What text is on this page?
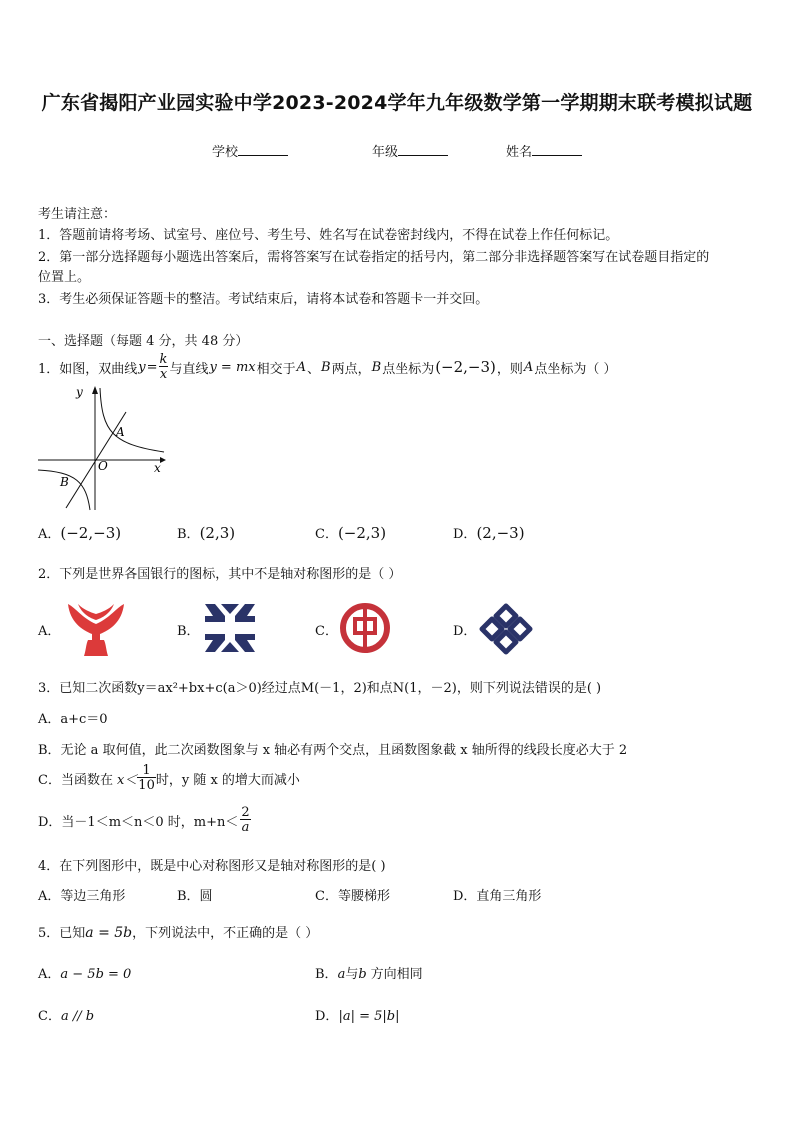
广东省揭阳产业园实验中学2023-2024学年九年级数学第一学期期末联考模拟试题
学校	年级	姓名
考生请注意：
1．答题前请将考场、试室号、座位号、考生号、姓名写在试卷密封线内，不得在试卷上作任何标记。
2．第一部分选择题每小题选出答案后，需将答案写在试卷指定的括号内，第二部分非选择题答案写在试卷题目指定的
位置上。
3．考生必须保证答题卡的整洁。考试结束后，请将本试卷和答题卡一并交回。
一、选择题（每题 4 分，共 48 分）
1．如图，双曲线 $y = \frac{k}{x}$ 与直线 y = mx 相交于 A 、 B 两点， B 点坐标为 (−2,−3) ，则 A 点坐标为（ ）
y
x
O
A
B
A．(−2,−3)	B．(2,3)	C．(−2,3)	D．(2,−3)
2．下列是世界各国银行的图标，其中不是轴对称图形的是（ ）
A．	B．	C．	D．
3．已知二次函数y＝ax²+bx+c(a＞0)经过点M(－1，2)和点N(1，－2)，则下列说法错误的是( )
A．a+c＝0
B．无论 a 取何值，此二次函数图象与 x 轴必有两个交点，且函数图象截 x 轴所得的线段长度必大于 2
C．当函数在 $x< \frac{1}{10}$ 时，y 随 x 的增大而减小
D．当－1＜m＜n＜0 时，$m+n< \frac{2}{a}$
4．在下列图形中，既是中心对称图形又是轴对称图形的是( )
A．等边三角形	B．圆	C．等腰梯形	D．直角三角形
5．已知a = 5b，下列说法中，不正确的是（ ）
A．a − 5b = 0	B．a与b 方向相同
C．a // b	D．|a| = 5|b|
